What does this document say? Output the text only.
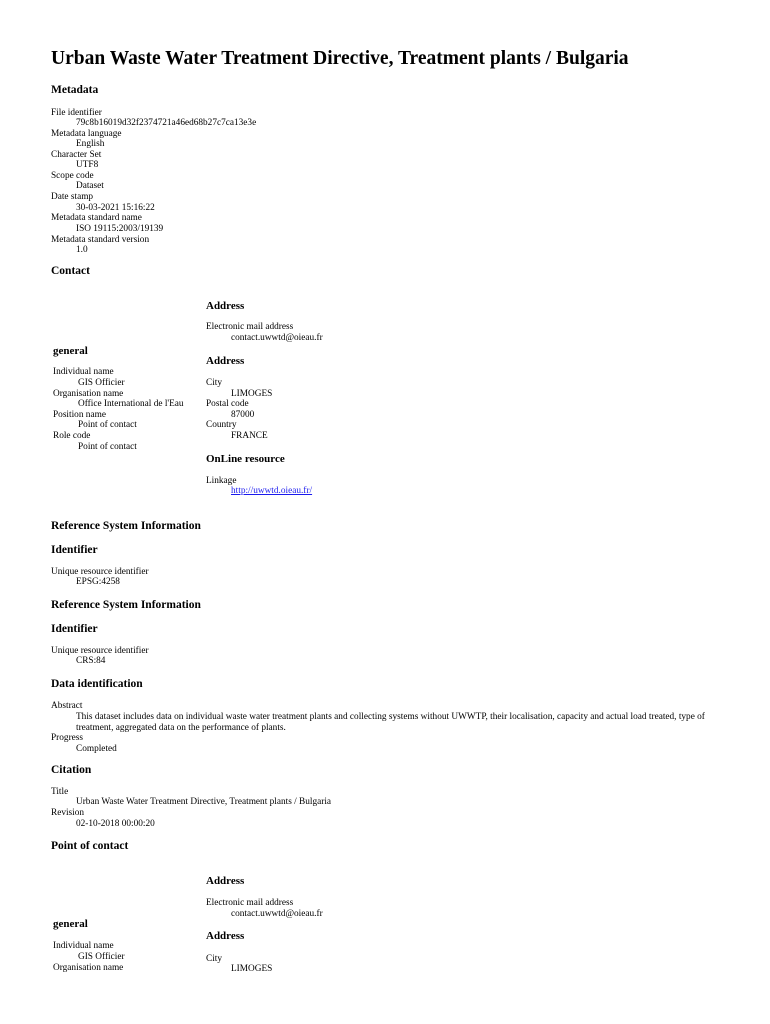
Urban Waste Water Treatment Directive, Treatment plants / Bulgaria
Metadata
File identifier
79c8b16019d32f2374721a46ed68b27c7ca13e3e
Metadata language
English
Character Set
UTF8
Scope code
Dataset
Date stamp
30-03-2021 15:16:22
Metadata standard name
ISO 19115:2003/19139
Metadata standard version
1.0
Contact
Address
Electronic mail address
contact.uwwtd@oieau.fr
general
Address
Individual name
GIS Officier
Organisation name
Office International de l'Eau
Position name
Point of contact
Role code
Point of contact
City
LIMOGES
Postal code
87000
Country
FRANCE
OnLine resource
Linkage
http://uwwtd.oieau.fr/
Reference System Information
Identifier
Unique resource identifier
EPSG:4258
Reference System Information
Identifier
Unique resource identifier
CRS:84
Data identification
Abstract
This dataset includes data on individual waste water treatment plants and collecting systems without UWWTP, their localisation, capacity and actual load treated, type of treatment, aggregated data on the performance of plants.
Progress
Completed
Citation
Title
Urban Waste Water Treatment Directive, Treatment plants / Bulgaria
Revision
02-10-2018 00:00:20
Point of contact
Address
Electronic mail address
contact.uwwtd@oieau.fr
general
Address
Individual name
GIS Officier
Organisation name
City
LIMOGES
